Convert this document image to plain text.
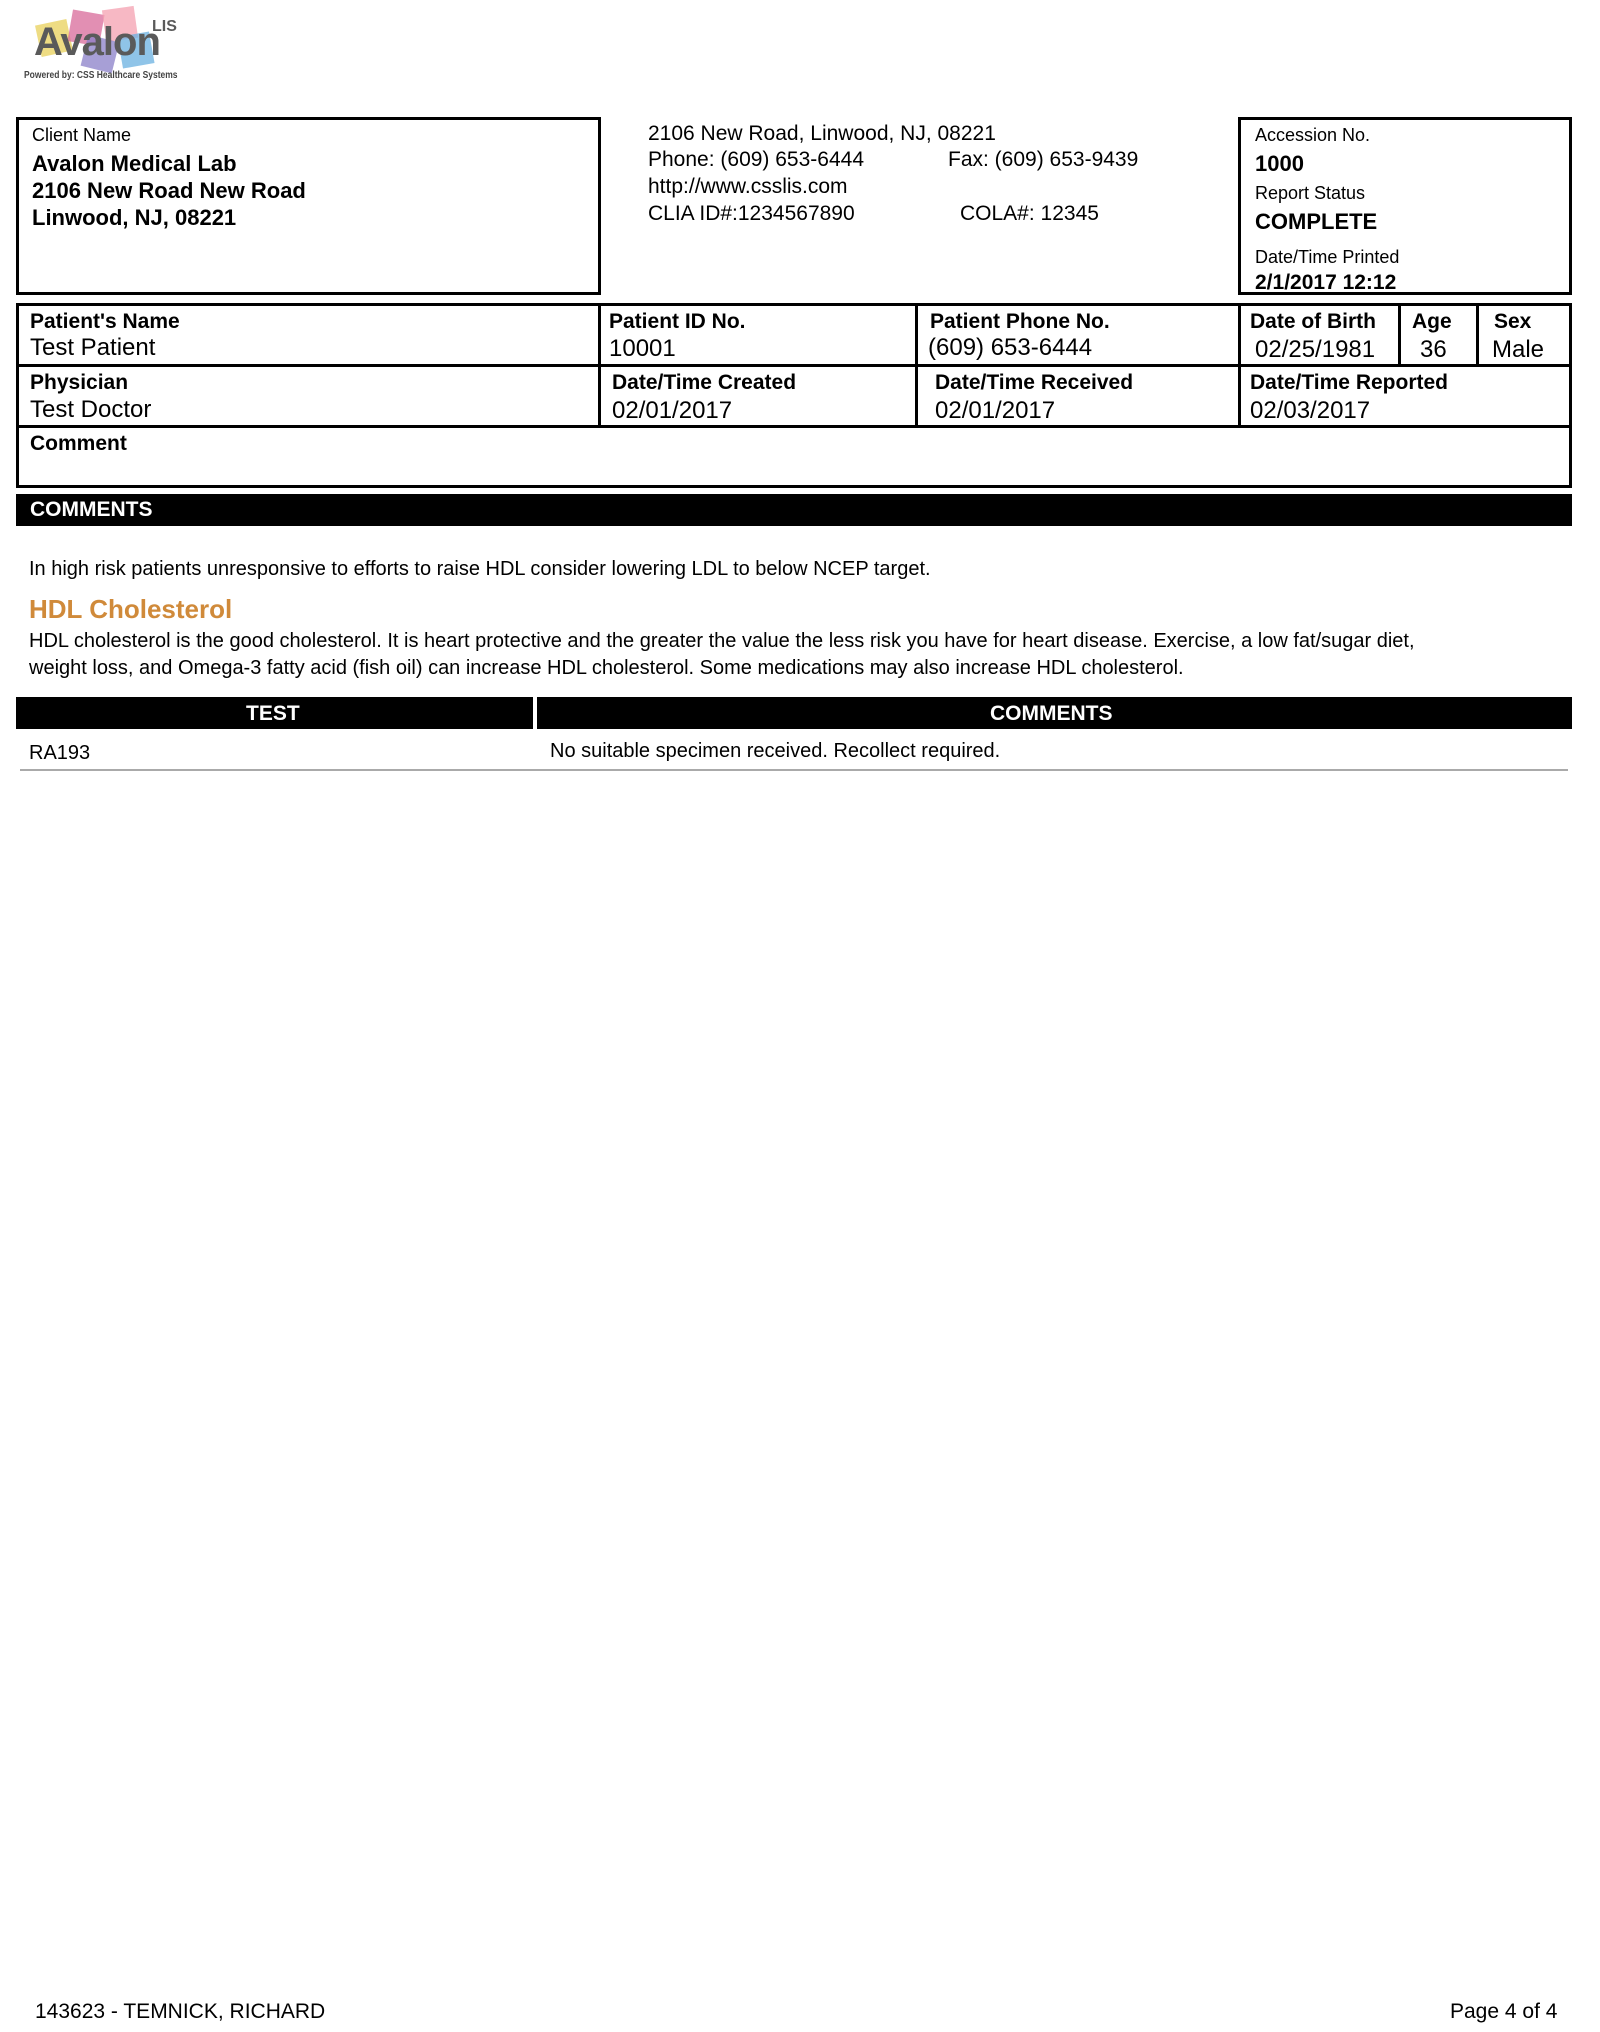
Avalon
LIS
Powered by: CSS Healthcare Systems
Client Name
Avalon Medical Lab
2106 New Road New Road
Linwood, NJ, 08221
2106 New Road, Linwood, NJ, 08221
Phone: (609) 653-6444	Fax: (609) 653-9439
http://www.csslis.com
CLIA ID#:1234567890	COLA#: 12345
Accession No.
1000
Report Status
COMPLETE
Date/Time Printed
2/1/2017 12:12
Patient's Name
Test Patient
Patient ID No.
10001
Patient Phone No.
(609) 653-6444
Date of Birth
02/25/1981
Age
36
Sex
Male
Physician
Test Doctor
Date/Time Created
02/01/2017
Date/Time Received
02/01/2017
Date/Time Reported
02/03/2017
Comment
COMMENTS
In high risk patients unresponsive to efforts to raise HDL consider lowering LDL to below NCEP target.
HDL Cholesterol
HDL cholesterol is the good cholesterol. It is heart protective and the greater the value the less risk you have for heart disease. Exercise, a low fat/sugar diet,
weight loss, and Omega-3 fatty acid (fish oil) can increase HDL cholesterol. Some medications may also increase HDL cholesterol.
TEST	COMMENTS
RA193	No suitable specimen received. Recollect required.
143623 - TEMNICK, RICHARD	Page 4 of 4
